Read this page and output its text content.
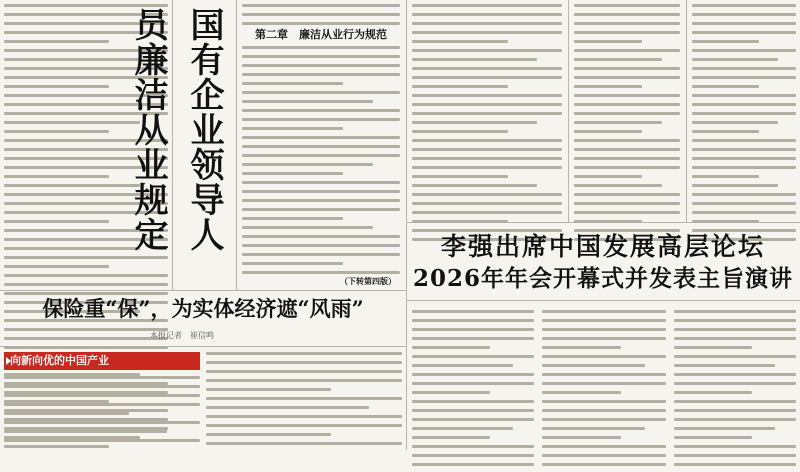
国有企业领导人员廉洁从业规定	第二章　廉洁从业行为规范
（下转第四版）
李强出席中国发展高层论坛
2026年年会开幕式并发表主旨演讲
保险重“保”，为实体经济遮“风雨”
本报记者　崔信鸣
向新向优的中国产业
